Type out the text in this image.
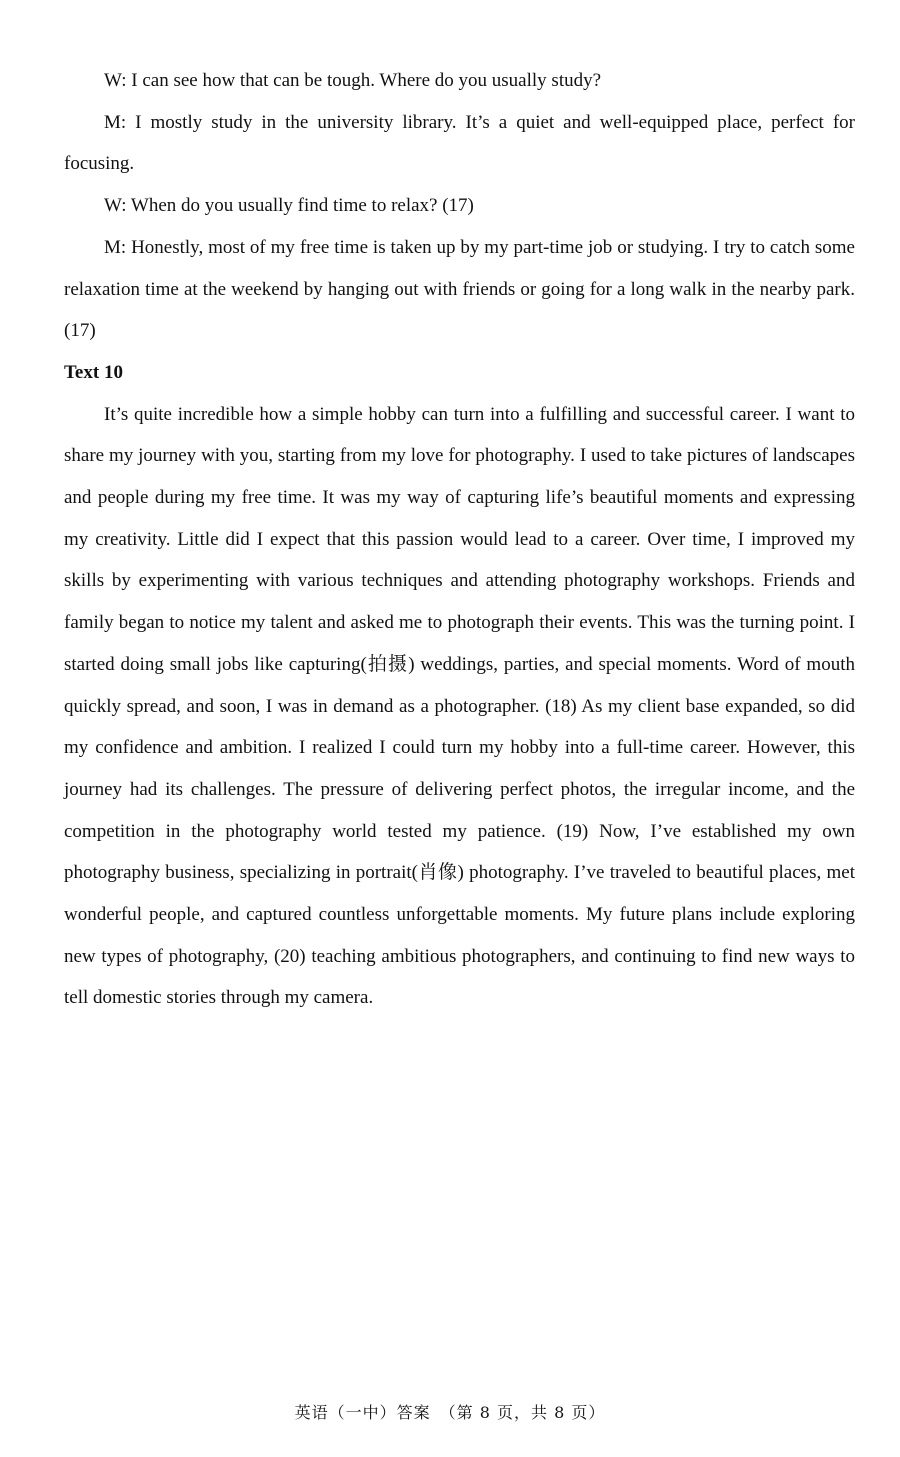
W: I can see how that can be tough. Where do you usually study?

M: I mostly study in the university library. It’s a quiet and well-equipped place, perfect for focusing.

W: When do you usually find time to relax? (17)

M: Honestly, most of my free time is taken up by my part-time job or studying. I try to catch some relaxation time at the weekend by hanging out with friends or going for a long walk in the nearby park. (17)

Text 10

It’s quite incredible how a simple hobby can turn into a fulfilling and successful career. I want to share my journey with you, starting from my love for photography. I used to take pictures of landscapes and people during my free time. It was my way of capturing life’s beautiful moments and expressing my creativity. Little did I expect that this passion would lead to a career. Over time, I improved my skills by experimenting with various techniques and attending photography workshops. Friends and family began to notice my talent and asked me to photograph their events. This was the turning point. I started doing small jobs like capturing(拍摄) weddings, parties, and special moments. Word of mouth quickly spread, and soon, I was in demand as a photographer. (18) As my client base expanded, so did my confidence and ambition. I realized I could turn my hobby into a full-time career. However, this journey had its challenges. The pressure of delivering perfect photos, the irregular income, and the competition in the photography world tested my patience. (19) Now, I’ve established my own photography business, specializing in portrait(肖像) photography. I’ve traveled to beautiful places, met wonderful people, and captured countless unforgettable moments. My future plans include exploring new types of photography, (20) teaching ambitious photographers, and continuing to find new ways to tell domestic stories through my camera.

英语（一中）答案　（第 8 页，共 8 页）
